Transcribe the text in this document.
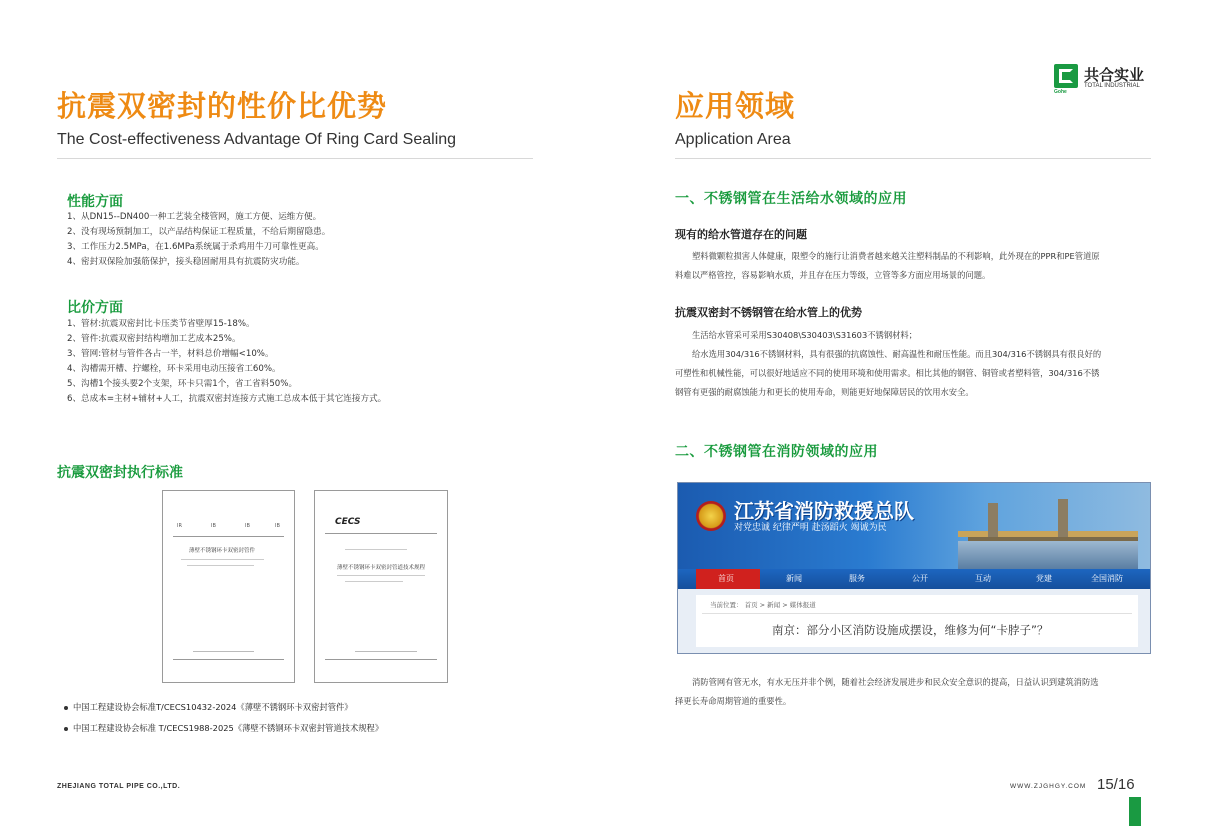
抗震双密封的性价比优势
The Cost-effectiveness Advantage Of Ring Card Sealing
性能方面
1、从DN15--DN400一种工艺装全楼管网，施工方便、运维方便。
2、没有现场预制加工，以产品结构保证工程质量，不给后期留隐患。
3、工作压力2.5MPa，在1.6MPa系统属于杀鸡用牛刀可靠性更高。
4、密封双保险加强筋保护，接头稳固耐用具有抗震防灾功能。
比价方面
1、管材:抗震双密封比卡压类节省壁厚15-18%。
2、管件:抗震双密封结构增加工艺成本25%。
3、管网:管材与管件各占一半，材料总价增幅<10%。
4、沟槽需开槽、拧螺栓，环卡采用电动压接省工60%。
5、沟槽1个接头要2个支架，环卡只需1个，省工省料50%。
6、总成本=主材+辅材+人工，抗震双密封连接方式施工总成本低于其它连接方式。
抗震双密封执行标准
IR	IB	IB	IB
薄壁不锈钢环卡双密封管件
CECS
薄壁不锈钢环卡双密封管道技术规程
中国工程建设协会标准T/CECS10432-2024《薄壁不锈钢环卡双密封管件》
中国工程建设协会标准 T/CECS1988-2025《薄壁不锈钢环卡双密封管道技术规程》
ZHEJIANG TOTAL PIPE CO.,LTD.
Gohe
共合实业
TOTAL INDUSTRIAL
应用领域
Application Area
一、不锈钢管在生活给水领域的应用
现有的给水管道存在的问题
塑料微颗粒损害人体健康，限塑令的施行让消费者越来越关注塑料制品的不利影响，此外现在的PPR和PE管道原
料难以严格管控，容易影响水质，并且存在压力等级，立管等多方面应用场景的问题。
抗震双密封不锈钢管在给水管上的优势
生活给水管采可采用S30408\S30403\S31603不锈钢材料；
给水选用304/316不锈钢材料，具有很强的抗腐蚀性、耐高温性和耐压性能。而且304/316不锈钢具有很良好的
可塑性和机械性能，可以很好地适应不同的使用环境和使用需求。相比其他的钢管、铜管或者塑料管，304/316不锈
钢管有更强的耐腐蚀能力和更长的使用寿命，则能更好地保障居民的饮用水安全。
二、不锈钢管在消防领域的应用
江苏省消防救援总队
对党忠诚 纪律严明 赴汤蹈火 竭诚为民
首页	新闻	服务	公开	互动	党建	全国消防
当前位置： 首页 > 新闻 > 媒体报道
南京：部分小区消防设施成摆设，维修为何“卡脖子”？
消防管网有管无水，有水无压并非个例，随着社会经济发展进步和民众安全意识的提高，日益认识到建筑消防选
择更长寿命周期管道的重要性。
WWW.ZJGHGY.COM 15/16
